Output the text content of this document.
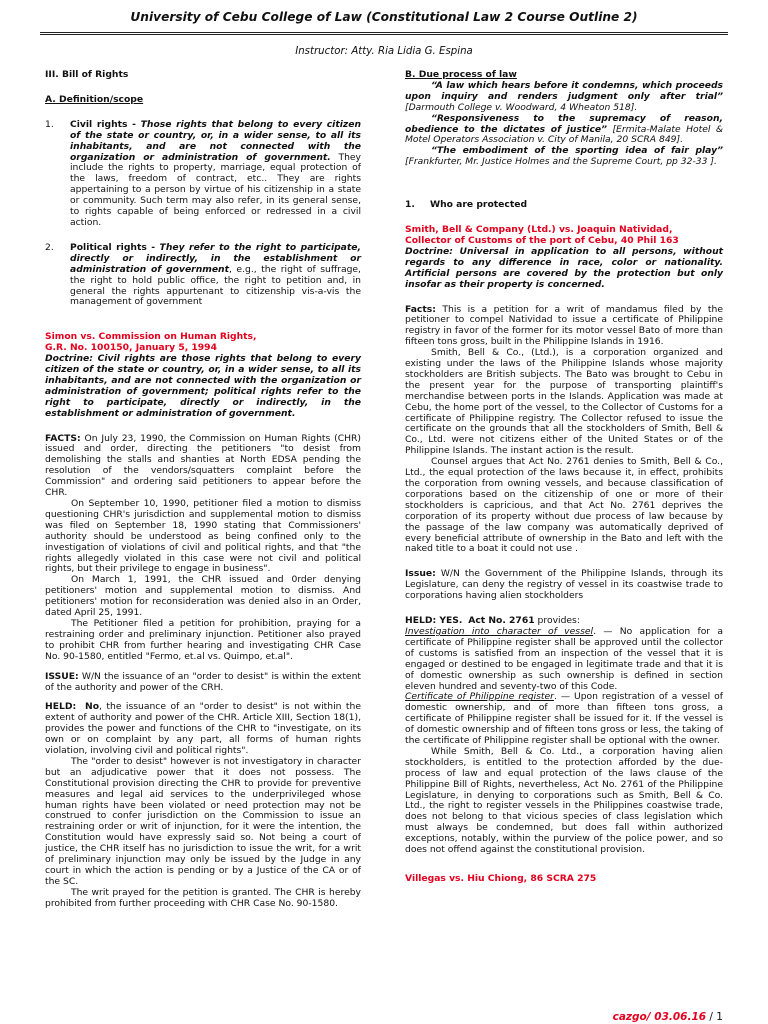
University of Cebu College of Law (Constitutional Law 2 Course Outline 2)
Instructor: Atty. Ria Lidia G. Espina

III. Bill of Rights

A. Definition/scope

1.	Civil rights - Those rights that belong to every citizen of the state or country, or, in a wider sense, to all its inhabitants, and are not connected with the organization or administration of government. They include the rights to property, marriage, equal protection of the laws, freedom of contract, etc.. They are rights appertaining to a person by virtue of his citizenship in a state or community. Such term may also refer, in its general sense, to rights capable of being enforced or redressed in a civil action.

2.	Political rights - They refer to the right to participate, directly or indirectly, in the establishment or administration of government, e.g., the right of suffrage, the right to hold public office, the right to petition and, in general the rights appurtenant to citizenship vis-a-vis the management of government

Simon vs. Commission on Human Rights,

G.R. No. 100150, January 5, 1994

Doctrine: Civil rights are those rights that belong to every citizen of the state or country, or, in a wider sense, to all its inhabitants, and are not connected with the organization or administration of government; political rights refer to the right to participate, directly or indirectly, in the establishment or administration of government.

FACTS: On July 23, 1990, the Commission on Human Rights (CHR) issued and order, directing the petitioners "to desist from demolishing the stalls and shanties at North EDSA pending the resolution of the vendors/squatters complaint before the Commission" and ordering said petitioners to appear before the CHR.

On September 10, 1990, petitioner filed a motion to dismiss questioning CHR's jurisdiction and supplemental motion to dismiss was filed on September 18, 1990 stating that Commissioners' authority should be understood as being confined only to the investigation of violations of civil and political rights, and that "the rights allegedly violated in this case were not civil and political rights, but their privilege to engage in business".

On March 1, 1991, the CHR issued and 0rder denying petitioners' motion and supplemental motion to dismiss. And petitioners' motion for reconsideration was denied also in an Order, dated April 25, 1991.

The Petitioner filed a petition for prohibition, praying for a restraining order and preliminary injunction. Petitioner also prayed to prohibit CHR from further hearing and investigating CHR Case No. 90-1580, entitled "Fermo, et.al vs. Quimpo, et.al".

ISSUE: W/N the issuance of an "order to desist" is within the extent of the authority and power of the CRH.

HELD: No, the issuance of an "order to desist" is not within the extent of authority and power of the CHR. Article XIII, Section 18(1), provides the power and functions of the CHR to "investigate, on its own or on complaint by any part, all forms of human rights violation, involving civil and political rights".

The "order to desist" however is not investigatory in character but an adjudicative power that it does not possess. The Constitutional provision directing the CHR to provide for preventive measures and legal aid services to the underprivileged whose human rights have been violated or need protection may not be construed to confer jurisdiction on the Commission to issue an restraining order or writ of injunction, for it were the intention, the Constitution would have expressly said so. Not being a court of justice, the CHR itself has no jurisdiction to issue the writ, for a writ of preliminary injunction may only be issued by the Judge in any court in which the action is pending or by a Justice of the CA or of the SC.

The writ prayed for the petition is granted. The CHR is hereby prohibited from further proceeding with CHR Case No. 90-1580.

B. Due process of law

“A law which hears before it condemns, which proceeds upon inquiry and renders judgment only after trial” [Darmouth College v. Woodward, 4 Wheaton 518].

“Responsiveness to the supremacy of reason, obedience to the dictates of justice” [Ermita-Malate Hotel & Motel Operators Association v. City of Manila, 20 SCRA 849].

“The embodiment of the sporting idea of fair play” [Frankfurter, Mr. Justice Holmes and the Supreme Court, pp 32-33 ].

1.	Who are protected

Smith, Bell & Company (Ltd.) vs. Joaquin Natividad,

Collector of Customs of the port of Cebu, 40 Phil 163

Doctrine: Universal in application to all persons, without regards to any difference in race, color or nationality. Artificial persons are covered by the protection but only insofar as their property is concerned.

Facts: This is a petition for a writ of mandamus filed by the petitioner to compel Natividad to issue a certificate of Philippine registry in favor of the former for its motor vessel Bato of more than fifteen tons gross, built in the Philippine Islands in 1916.

Smith, Bell & Co., (Ltd.), is a corporation organized and existing under the laws of the Philippine Islands whose majority stockholders are British subjects. The Bato was brought to Cebu in the present year for the purpose of transporting plaintiff's merchandise between ports in the Islands. Application was made at Cebu, the home port of the vessel, to the Collector of Customs for a certificate of Philippine registry. The Collector refused to issue the certificate on the grounds that all the stockholders of Smith, Bell & Co., Ltd. were not citizens either of the United States or of the Philippine Islands. The instant action is the result.

Counsel argues that Act No. 2761 denies to Smith, Bell & Co., Ltd., the equal protection of the laws because it, in effect, prohibits the corporation from owning vessels, and because classification of corporations based on the citizenship of one or more of their stockholders is capricious, and that Act No. 2761 deprives the corporation of its property without due process of law because by the passage of the law company was automatically deprived of every beneficial attribute of ownership in the Bato and left with the naked title to a boat it could not use .

Issue: W/N the Government of the Philippine Islands, through its Legislature, can deny the registry of vessel in its coastwise trade to corporations having alien stockholders

HELD: YES. Act No. 2761 provides:

Investigation into character of vessel. — No application for a certificate of Philippine register shall be approved until the collector of customs is satisfied from an inspection of the vessel that it is engaged or destined to be engaged in legitimate trade and that it is of domestic ownership as such ownership is defined in section eleven hundred and seventy-two of this Code.

Certificate of Philippine register. — Upon registration of a vessel of domestic ownership, and of more than fifteen tons gross, a certificate of Philippine register shall be issued for it. If the vessel is of domestic ownership and of fifteen tons gross or less, the taking of the certificate of Philippine register shall be optional with the owner.

While Smith, Bell & Co. Ltd., a corporation having alien stockholders, is entitled to the protection afforded by the due-process of law and equal protection of the laws clause of the Philippine Bill of Rights, nevertheless, Act No. 2761 of the Philippine Legislature, in denying to corporations such as Smith, Bell & Co. Ltd., the right to register vessels in the Philippines coastwise trade, does not belong to that vicious species of class legislation which must always be condemned, but does fall within authorized exceptions, notably, within the purview of the police power, and so does not offend against the constitutional provision.

Villegas vs. Hiu Chiong, 86 SCRA 275

cazgo/ 03.06.16 / 1
